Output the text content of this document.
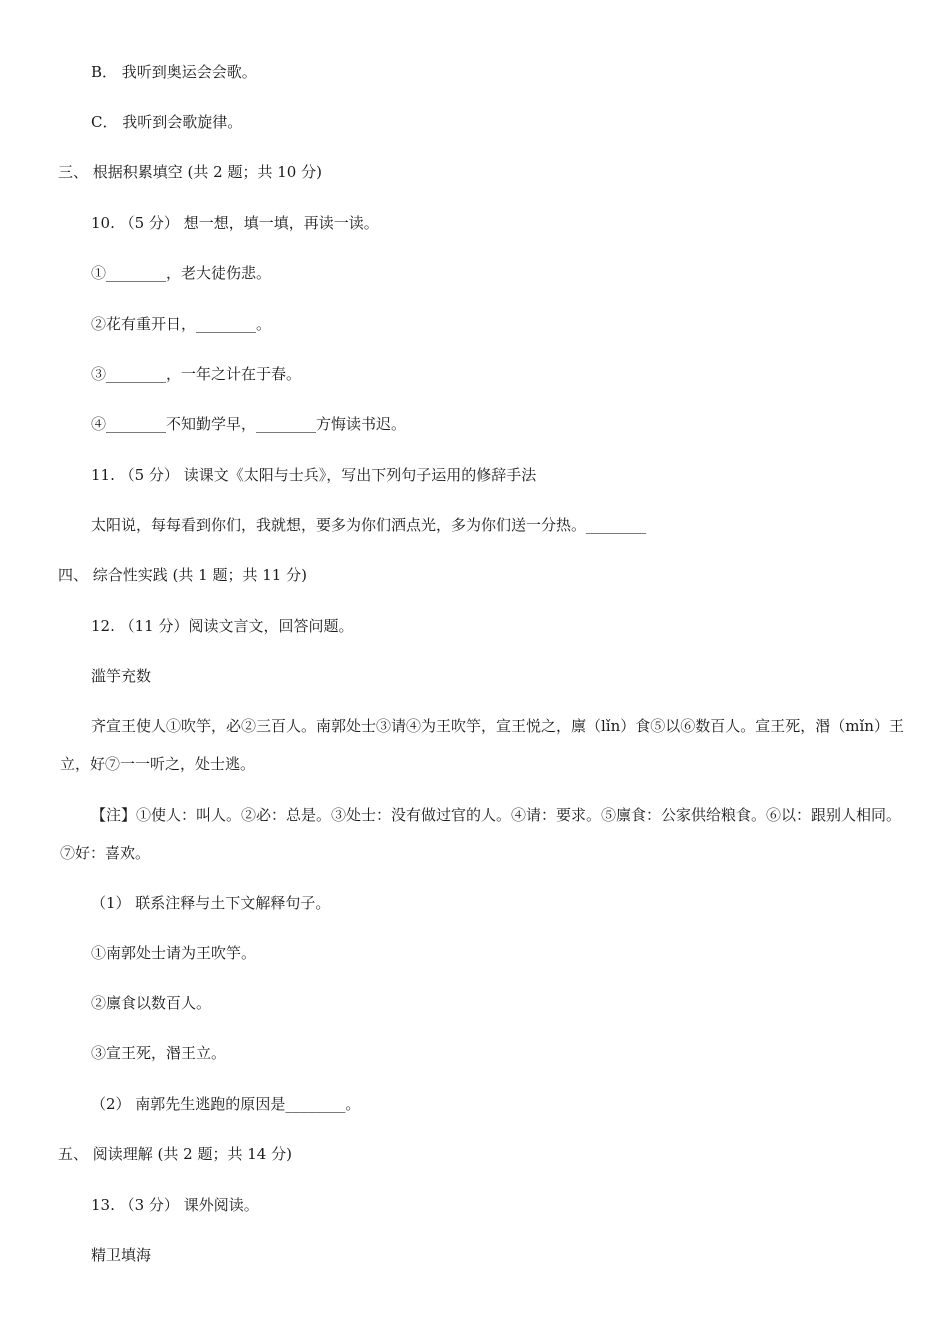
B． 我听到奥运会会歌。
C． 我听到会歌旋律。
三、 根据积累填空 (共 2 题；共 10 分)
10. （5 分） 想一想，填一填，再读一读。
①________，老大徒伤悲。
②花有重开日，________。
③________，一年之计在于春。
④________不知勤学早，________方悔读书迟。
11. （5 分） 读课文《太阳与士兵》，写出下列句子运用的修辞手法
太阳说，每每看到你们，我就想，要多为你们洒点光，多为你们送一分热。________
四、 综合性实践 (共 1 题；共 11 分)
12. （11 分）阅读文言文，回答问题。
滥竽充数
齐宣王使人①吹竽，必②三百人。南郭处士③请④为王吹竽，宣王悦之，廪（lǐn）食⑤以⑥数百人。宣王死，湣（mǐn）王立，好⑦一一听之，处士逃。
【注】①使人：叫人。②必：总是。③处士：没有做过官的人。④请：要求。⑤廪食：公家供给粮食。⑥以：跟别人相同。⑦好：喜欢。
（1） 联系注释与土下文解释句子。
①南郭处士请为王吹竽。
②廪食以数百人。
③宣王死，湣王立。
（2） 南郭先生逃跑的原因是________。
五、 阅读理解 (共 2 题；共 14 分)
13. （3 分） 课外阅读。
精卫填海
